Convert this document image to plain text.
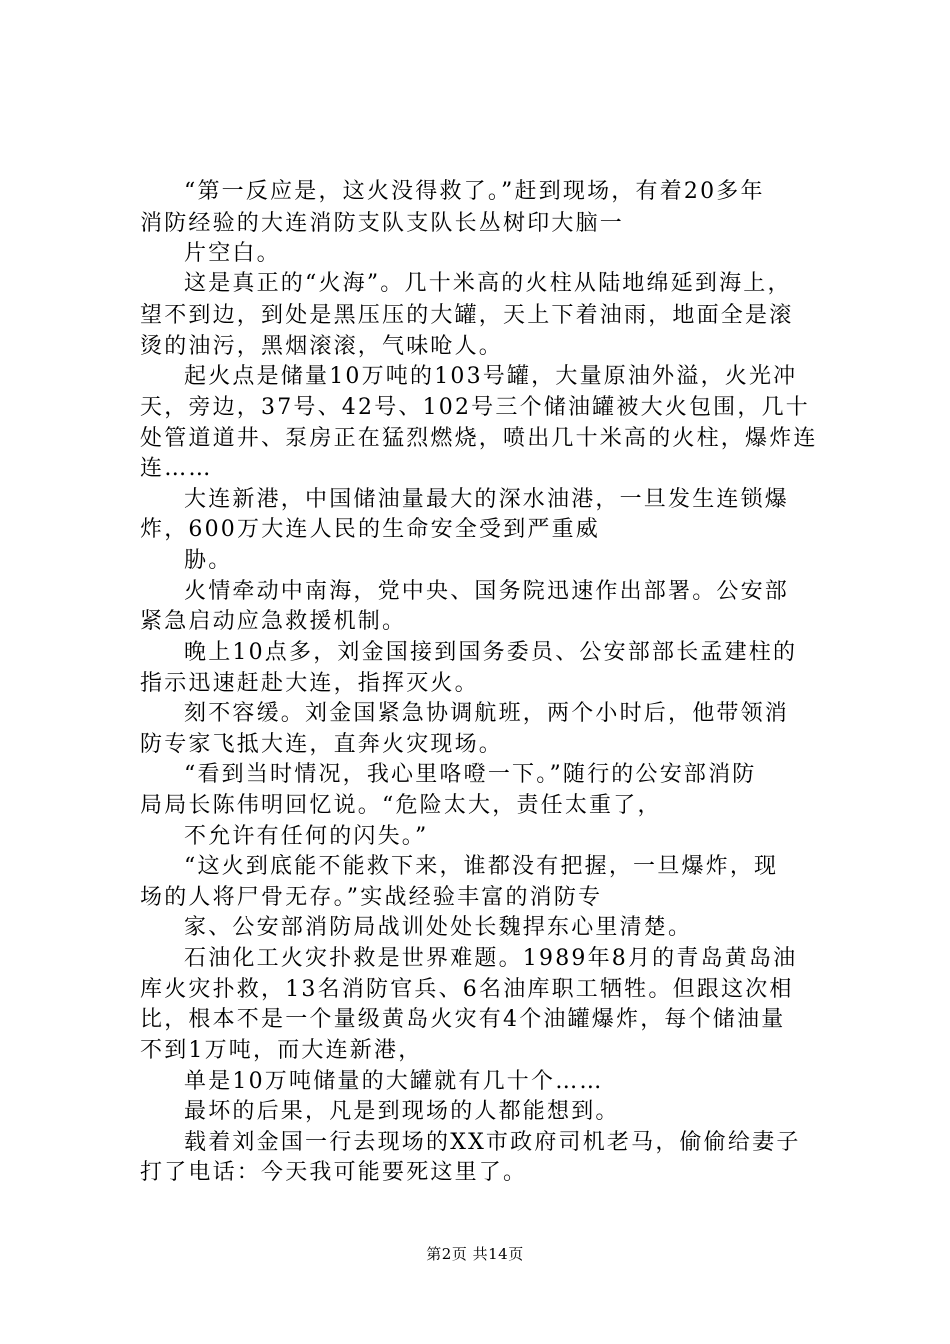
“第一反应是，这火没得救了。”赶到现场，有着20多年
消防经验的大连消防支队支队长丛树印大脑一
片空白。
这是真正的“火海”。几十米高的火柱从陆地绵延到海上，
望不到边，到处是黑压压的大罐，天上下着油雨，地面全是滚
烫的油污，黑烟滚滚，气味呛人。
起火点是储量10万吨的103号罐，大量原油外溢，火光冲
天，旁边，37号、42号、102号三个储油罐被大火包围，几十
处管道道井、泵房正在猛烈燃烧，喷出几十米高的火柱，爆炸连
连……
大连新港，中国储油量最大的深水油港，一旦发生连锁爆
炸，600万大连人民的生命安全受到严重威
胁。
火情牵动中南海，党中央、国务院迅速作出部署。公安部
紧急启动应急救援机制。
晚上10点多，刘金国接到国务委员、公安部部长孟建柱的
指示迅速赶赴大连，指挥灭火。
刻不容缓。刘金国紧急协调航班，两个小时后，他带领消
防专家飞抵大连，直奔火灾现场。
“看到当时情况，我心里咯噔一下。”随行的公安部消防
局局长陈伟明回忆说。“危险太大，责任太重了，
不允许有任何的闪失。”
“这火到底能不能救下来，谁都没有把握，一旦爆炸，现
场的人将尸骨无存。”实战经验丰富的消防专
家、公安部消防局战训处处长魏捍东心里清楚。
石油化工火灾扑救是世界难题。1989年8月的青岛黄岛油
库火灾扑救，13名消防官兵、6名油库职工牺牲。但跟这次相
比，根本不是一个量级黄岛火灾有4个油罐爆炸，每个储油量
不到1万吨，而大连新港，
单是10万吨储量的大罐就有几十个……
最坏的后果，凡是到现场的人都能想到。
载着刘金国一行去现场的XX市政府司机老马，偷偷给妻子
打了电话：今天我可能要死这里了。
第2页 共14页
